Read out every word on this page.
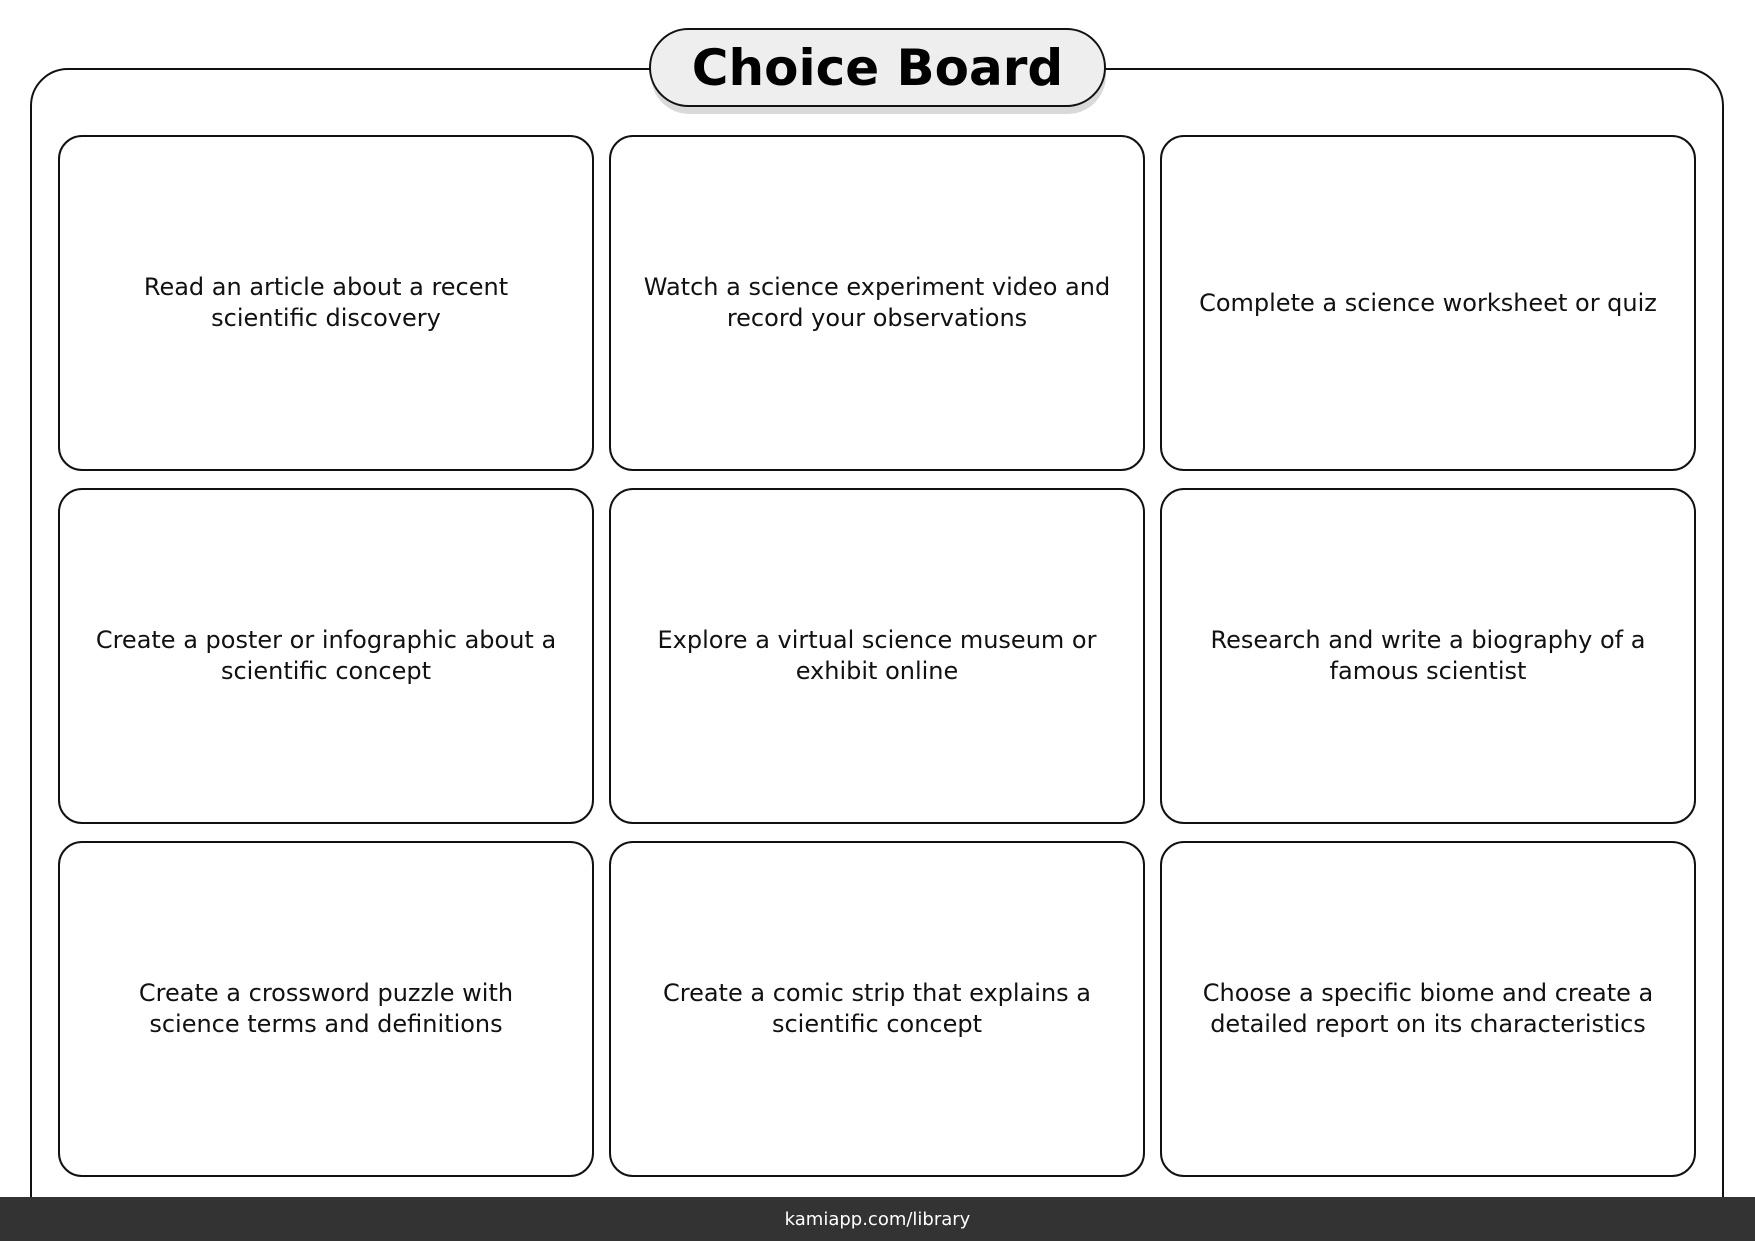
Choice Board
Read an article about a recent scientific discovery
Watch a science experiment video and record your observations
Complete a science worksheet or quiz
Create a poster or infographic about a scientific concept
Explore a virtual science museum or exhibit online
Research and write a biography of a famous scientist
Create a crossword puzzle with science terms and definitions
Create a comic strip that explains a scientific concept
Choose a specific biome and create a detailed report on its characteristics
kamiapp.com/library
